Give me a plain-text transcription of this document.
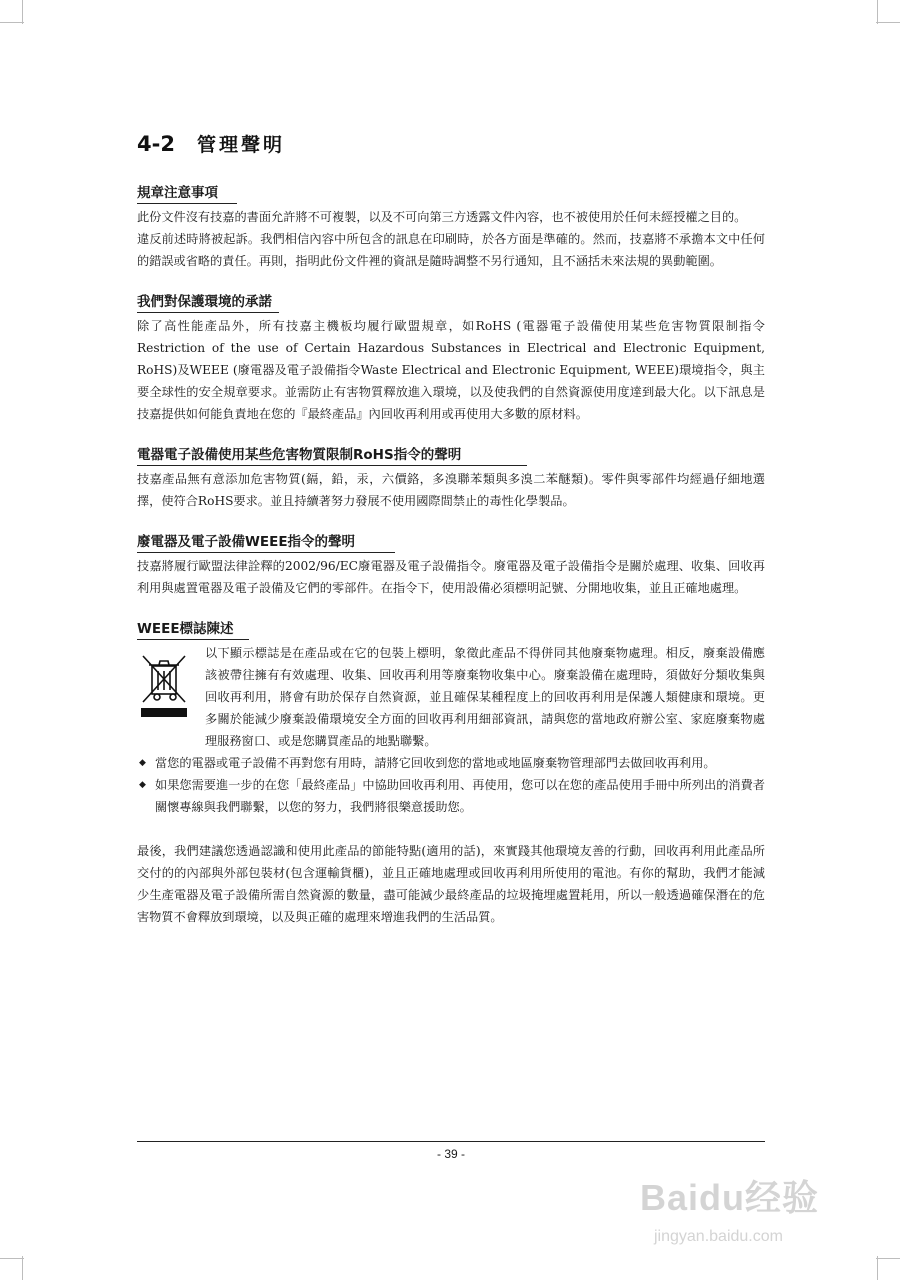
4-2 管理聲明
規章注意事項

此份文件沒有技嘉的書面允許將不可複製，以及不可向第三方透露文件內容，也不被使用於任何未經授權之目的。

違反前述時將被起訴。我們相信內容中所包含的訊息在印刷時，於各方面是準確的。然而，技嘉將不承擔本文中任何的錯誤或省略的責任。再則，指明此份文件裡的資訊是隨時調整不另行通知，且不涵括未來法規的異動範圍。

我們對保護環境的承諾

除了高性能產品外，所有技嘉主機板均履行歐盟規章，如RoHS (電器電子設備使用某些危害物質限制指令 Restriction of the use of Certain Hazardous Substances in Electrical and Electronic Equipment, RoHS)及WEEE (廢電器及電子設備指令Waste Electrical and Electronic Equipment, WEEE)環境指令，與主要全球性的安全規章要求。並需防止有害物質釋放進入環境，以及使我們的自然資源使用度達到最大化。以下訊息是技嘉提供如何能負責地在您的『最終產品』內回收再利用或再使用大多數的原材料。

電器電子設備使用某些危害物質限制RoHS指令的聲明

技嘉產品無有意添加危害物質(鎘，鉛，汞，六價鉻，多溴聯苯類與多溴二苯醚類)。零件與零部件均經過仔細地選擇，使符合RoHS要求。並且持續著努力發展不使用國際間禁止的毒性化學製品。

廢電器及電子設備WEEE指令的聲明

技嘉將履行歐盟法律詮釋的2002/96/EC廢電器及電子設備指令。廢電器及電子設備指令是關於處理、收集、回收再利用與處置電器及電子設備及它們的零部件。在指令下，使用設備必須標明記號、分開地收集，並且正確地處理。

WEEE標誌陳述

以下顯示標誌是在產品或在它的包裝上標明，象徵此產品不得併同其他廢棄物處理。相反，廢棄設備應該被帶往擁有有效處理、收集、回收再利用等廢棄物收集中心。廢棄設備在處理時，須做好分類收集與回收再利用，將會有助於保存自然資源，並且確保某種程度上的回收再利用是保護人類健康和環境。更多關於能減少廢棄設備環境安全方面的回收再利用細部資訊，請與您的當地政府辦公室、家庭廢棄物處理服務窗口、或是您購買產品的地點聯繫。

◆ 當您的電器或電子設備不再對您有用時，請將它回收到您的當地或地區廢棄物管理部門去做回收再利用。
◆ 如果您需要進一步的在您「最終產品」中協助回收再利用、再使用，您可以在您的產品使用手冊中所列出的消費者關懷專線與我們聯繫，以您的努力，我們將很樂意援助您。

最後，我們建議您透過認識和使用此產品的節能特點(適用的話)，來實踐其他環境友善的行動，回收再利用此產品所交付的的內部與外部包裝材(包含運輸貨櫃)，並且正確地處理或回收再利用所使用的電池。有你的幫助，我們才能減少生產電器及電子設備所需自然資源的數量，盡可能減少最終產品的垃圾掩埋處置耗用，所以一般透過確保潛在的危害物質不會釋放到環境，以及與正確的處理來增進我們的生活品質。

- 39 -
Baidu经验
jingyan.baidu.com
